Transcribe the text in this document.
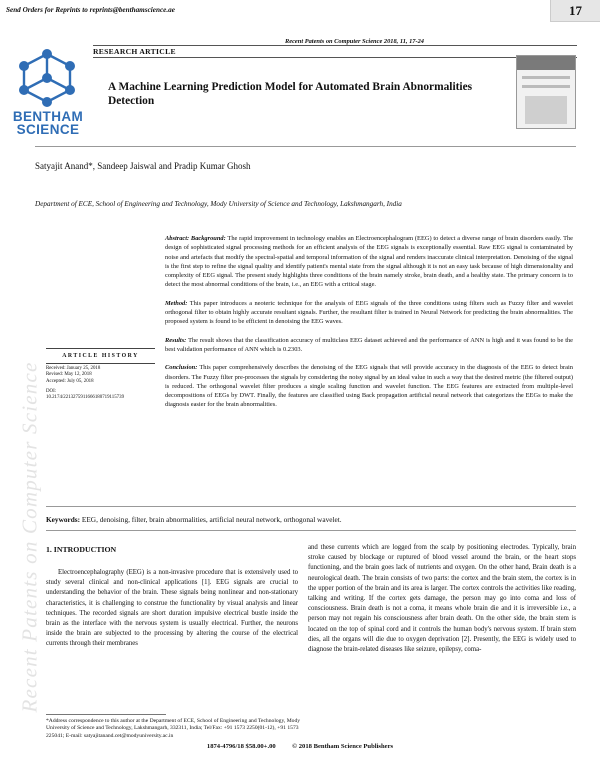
Send Orders for Reprints to reprints@benthamscience.ae	17
Recent Patents on Computer Science 2018, 11, 17-24
RESEARCH ARTICLE
BENTHAM
SCIENCE
A Machine Learning Prediction Model for Automated Brain Abnormalities Detection
Satyajit Anand*, Sandeep Jaiswal and Pradip Kumar Ghosh
Department of ECE, School of Engineering and Technology, Mody University of Science and Technology, Lakshmangarh, India

Abstract: Background: The rapid improvement in technology enables an Electroencephalogram (EEG) to detect a diverse range of brain disorders easily. The design of sophisticated signal processing methods for an efficient analysis of the EEG signals is exceptionally essential. Raw EEG signal is contaminated by noise and artefacts that modify the spectral-spatial and temporal information of the signal and renders inaccurate clinical interpretation. Denoising of the signal is the first step to refine the signal quality and identify patient's mental state from the signal although it is not an easy task because of high dimensionality and complexity of EEG signal. The present study highlights three conditions of the brain namely stroke, brain death, and a healthy state. The primary concern is to detect the most abnormal conditions of the brain, i.e., an EEG with a critical stage.

Method: This paper introduces a neoteric technique for the analysis of EEG signals of the three conditions using filters such as Fuzzy filter and wavelet orthogonal filter to obtain highly accurate resultant signals. Further, the resultant filter is trained in Neural Network for predicting the brain abnormalities. The proposed system is found to be efficient in denoising the EEG waves.

Results: The result shows that the classification accuracy of multiclass EEG dataset achieved and the performance of ANN is high and it was found to be the best validation performance of ANN which is 0.2303.

Conclusion: This paper comprehensively describes the denoising of the EEG signals that will provide accuracy in the diagnosis of the EEG to detect brain disorders. The Fuzzy filter pre-processes the signals by considering the noisy signal by an ideal value in such a way that the desired metric (the filtered output) is reduced. The orthogonal wavelet filter produces a single scaling function and wavelet function. The EEG features are extracted from multiple-level decompositions of EEGs by DWT. Finally, the features are classified using Back propagation artificial neural network that categorizes the EEGs to make the diagnosis easier for the brain abnormalities.

ARTICLE HISTORY
Received: January 25, 2018
Revised: May 12, 2018
Accepted: July 05, 2018
DOI:
10.2174/2213275911666180719115739
Keywords: EEG, denoising, filter, brain abnormalities, artificial neural network, orthogonal wavelet.
1. INTRODUCTION

Electroencephalography (EEG) is a non-invasive procedure that is extensively used to study several clinical and non-clinical applications [1]. EEG signals are crucial to understanding the behavior of the brain. These signals being nonlinear and non-stationary characteristics, it is challenging to construe the functionality by visual analysis and linear techniques. The recorded signals are short duration impulsive electrical bustle inside the brain as the interface with the nervous system is usually electrical. Further, the neurons inside the brain are subjected to the processing by altering the course of the electrical currents through their membranes

and these currents which are logged from the scalp by positioning electrodes. Typically, brain stroke caused by blockage or ruptured of blood vessel around the brain, or the heart stops functioning, and the brain goes lack of nutrients and oxygen. On the other hand, Brain death is a neurological death. The brain consists of two parts: the cortex and the brain stem, the cortex is in the upper portion of the brain and its area is larger. The cortex controls the activities like reading, talking and writing. If the cortex gets damage, the person may go into coma and loss of consciousness. Brain death is not a coma, it means whole brain die and it is irreversible i.e., a person may not regain his consciousness after brain death. On the other side, the brain stem is located on the top of spinal cord and it controls the human body's nervous system. If brain stem dies, all the organs will die due to oxygen deprivation [2]. Presently, the EEG is widely used to diagnose the brain-related diseases like seizure, epilepsy, coma-

*Address correspondence to this author at the Department of ECE, School of Engineering and Technology, Mody University of Science and Technology, Lakshmangarh, 332311, India; Tel/Fax: +91 1573 2250(01-12), +91 1573 225041; E-mail: satyajitanand.cet@modyuniversity.ac.in
1874-4796/18 $58.00+.00          © 2018 Bentham Science Publishers
Recent Patents on Computer Science
